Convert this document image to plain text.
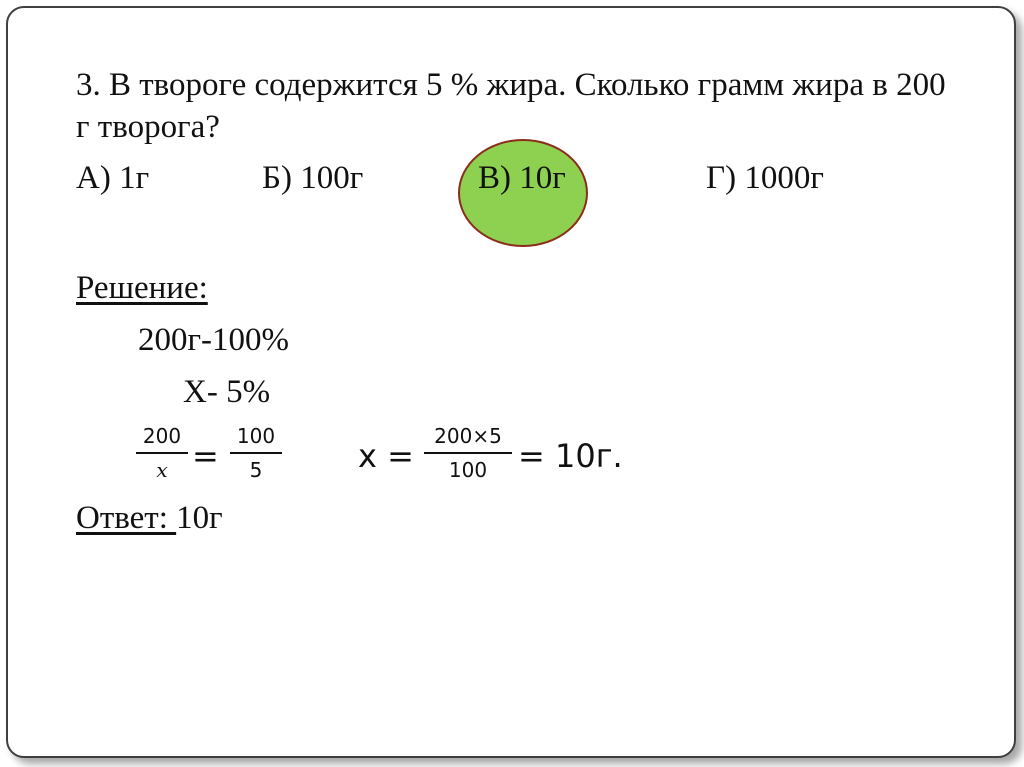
3. В твороге содержится 5 % жира. Сколько грамм жира в 200 г творога?
А) 1г	Б) 100г	В) 10г	Г) 1000г
Решение:
200г-100%
Х- 5%
200
x =
100
5	x =
200×5
100 = 10г.
Ответ: 10г
